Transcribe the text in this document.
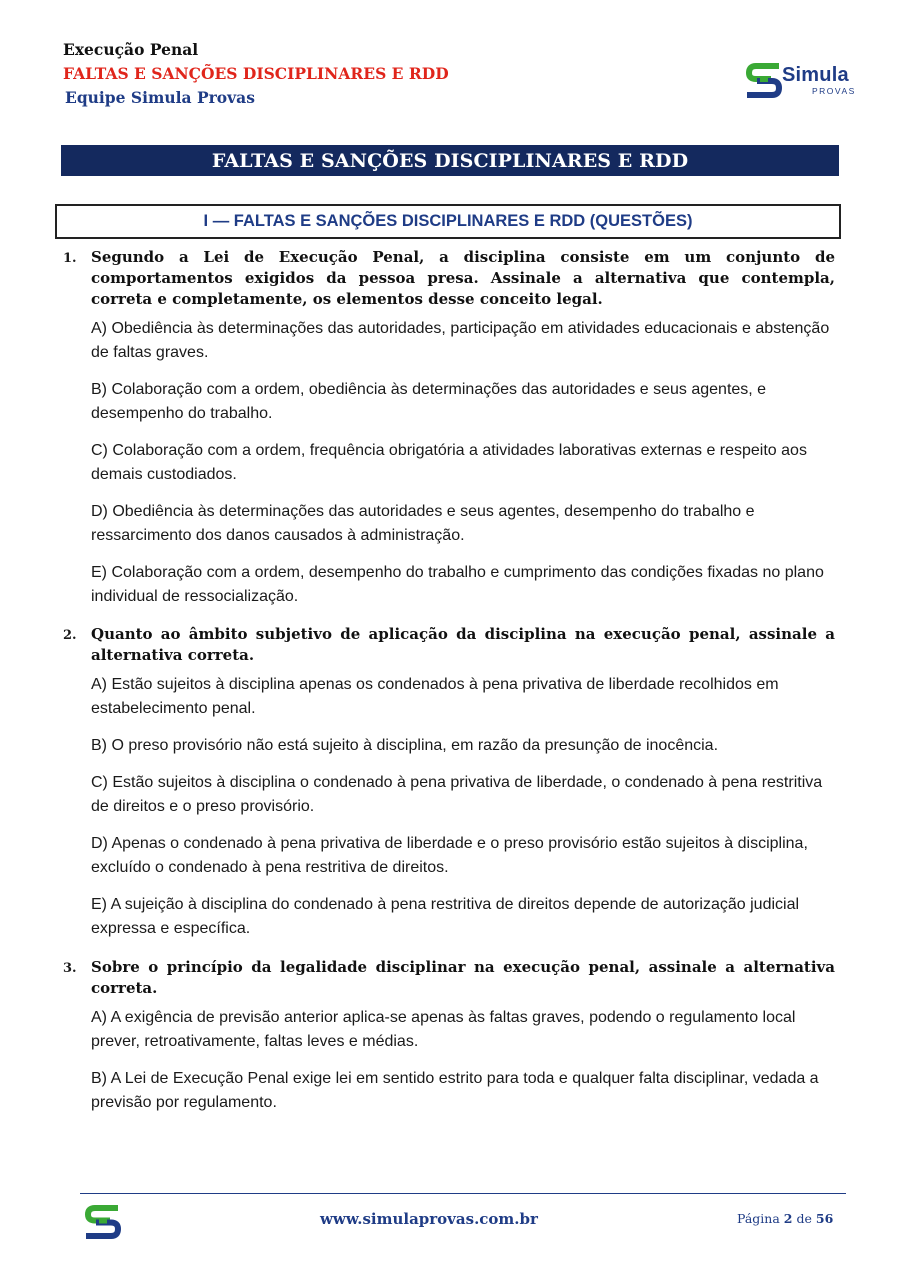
Execução Penal
FALTAS E SANÇÕES DISCIPLINARES E RDD
Equipe Simula Provas
Simula
PROVAS
FALTAS E SANÇÕES DISCIPLINARES E RDD
I — FALTAS E SANÇÕES DISCIPLINARES E RDD (QUESTÕES)
1. Segundo a Lei de Execução Penal, a disciplina consiste em um conjunto de comportamentos exigidos da pessoa presa. Assinale a alternativa que contempla, correta e completamente, os elementos desse conceito legal.
A) Obediência às determinações das autoridades, participação em atividades educacionais e abstenção de faltas graves.
B) Colaboração com a ordem, obediência às determinações das autoridades e seus agentes, e desempenho do trabalho.
C) Colaboração com a ordem, frequência obrigatória a atividades laborativas externas e respeito aos demais custodiados.
D) Obediência às determinações das autoridades e seus agentes, desempenho do trabalho e ressarcimento dos danos causados à administração.
E) Colaboração com a ordem, desempenho do trabalho e cumprimento das condições fixadas no plano individual de ressocialização.
2. Quanto ao âmbito subjetivo de aplicação da disciplina na execução penal, assinale a alternativa correta.
A) Estão sujeitos à disciplina apenas os condenados à pena privativa de liberdade recolhidos em estabelecimento penal.
B) O preso provisório não está sujeito à disciplina, em razão da presunção de inocência.
C) Estão sujeitos à disciplina o condenado à pena privativa de liberdade, o condenado à pena restritiva de direitos e o preso provisório.
D) Apenas o condenado à pena privativa de liberdade e o preso provisório estão sujeitos à disciplina, excluído o condenado à pena restritiva de direitos.
E) A sujeição à disciplina do condenado à pena restritiva de direitos depende de autorização judicial expressa e específica.
3. Sobre o princípio da legalidade disciplinar na execução penal, assinale a alternativa correta.
A) A exigência de previsão anterior aplica-se apenas às faltas graves, podendo o regulamento local prever, retroativamente, faltas leves e médias.
B) A Lei de Execução Penal exige lei em sentido estrito para toda e qualquer falta disciplinar, vedada a previsão por regulamento.
www.simulaprovas.com.br	Página 2 de 56
